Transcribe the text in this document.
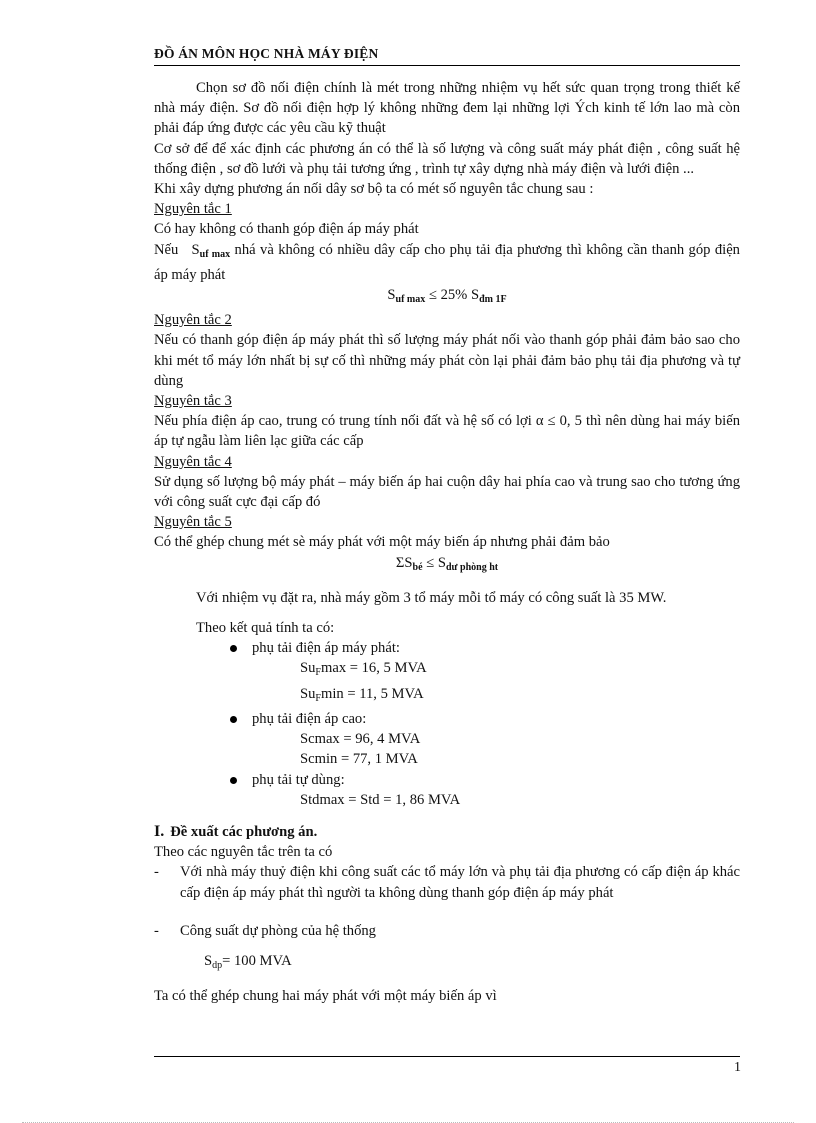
ĐỒ ÁN MÔN HỌC NHÀ MÁY ĐIỆN

Chọn sơ đồ nối điện chính là mét trong những nhiệm vụ hết sức quan trọng trong thiết kế nhà máy điện. Sơ đồ nối điện hợp lý không những đem lại những lợi Ých kinh tế lớn lao mà còn phải đáp ứng được các yêu cầu kỹ thuật

Cơ sở để để xác định các phương án có thể là số lượng và công suất máy phát điện , công suất hệ thống điện , sơ đồ lưới và phụ tải tương ứng , trình tự xây dựng nhà máy điện và lưới điện ...

Khi xây dựng phương án nối dây sơ bộ ta có mét số nguyên tắc chung sau :

Nguyên tắc 1

Có hay không có thanh góp điện áp máy phát

Nếu $S_{uf max}$ nhá và không có nhiều dây cấp cho phụ tải địa phương thì không cần thanh góp điện áp máy phát

$S_{uf max} \le 25\%$ $S_{đm 1F}$

Nguyên tắc 2

Nếu có thanh góp điện áp máy phát thì số lượng máy phát nối vào thanh góp phải đảm bảo sao cho khi mét tổ máy lớn nhất bị sự cố thì những máy phát còn lại phải đảm bảo phụ tải địa phương và tự dùng

Nguyên tắc 3

Nếu phía điện áp cao, trung có trung tính nối đất và hệ số có lợi α ≤ 0, 5 thì nên dùng hai máy biến áp tự ngẫu làm liên lạc giữa các cấp

Nguyên tắc 4

Sử dụng số lượng bộ máy phát – máy biến áp hai cuộn dây hai phía cao và trung sao cho tương ứng với công suất cực đại cấp đó

Nguyên tắc 5

Có thể ghép chung mét sè máy phát với một máy biến áp nhưng phải đảm bảo

$\Sigma S_{bé} \le S_{dư phòng ht}$

Với nhiệm vụ đặt ra, nhà máy gồm 3 tổ máy mỗi tổ máy có công suất là 35 MW.

Theo kết quả tính ta có:

phụ tải điện áp máy phát:
$Su_F\max = 16$, 5 MVA
$Su_F\min = 11$, 5 MVA
phụ tải điện áp cao:
Scmax = 96, 4 MVA
Scmin = 77, 1 MVA
phụ tải tự dùng:
Stdmax = Std = 1, 86 MVA
I. Đề xuất các phương án.

Theo các nguyên tắc trên ta có

- Với nhà máy thuỷ điện khi công suất các tổ máy lớn và phụ tải địa phương có cấp điện áp khác cấp điện áp máy phát thì người ta không dùng thanh góp điện áp máy phát
- Công suất dự phòng của hệ thống

$S_{dp}= 100$ MVA

Ta có thể ghép chung hai máy phát với một máy biến áp vì

1
